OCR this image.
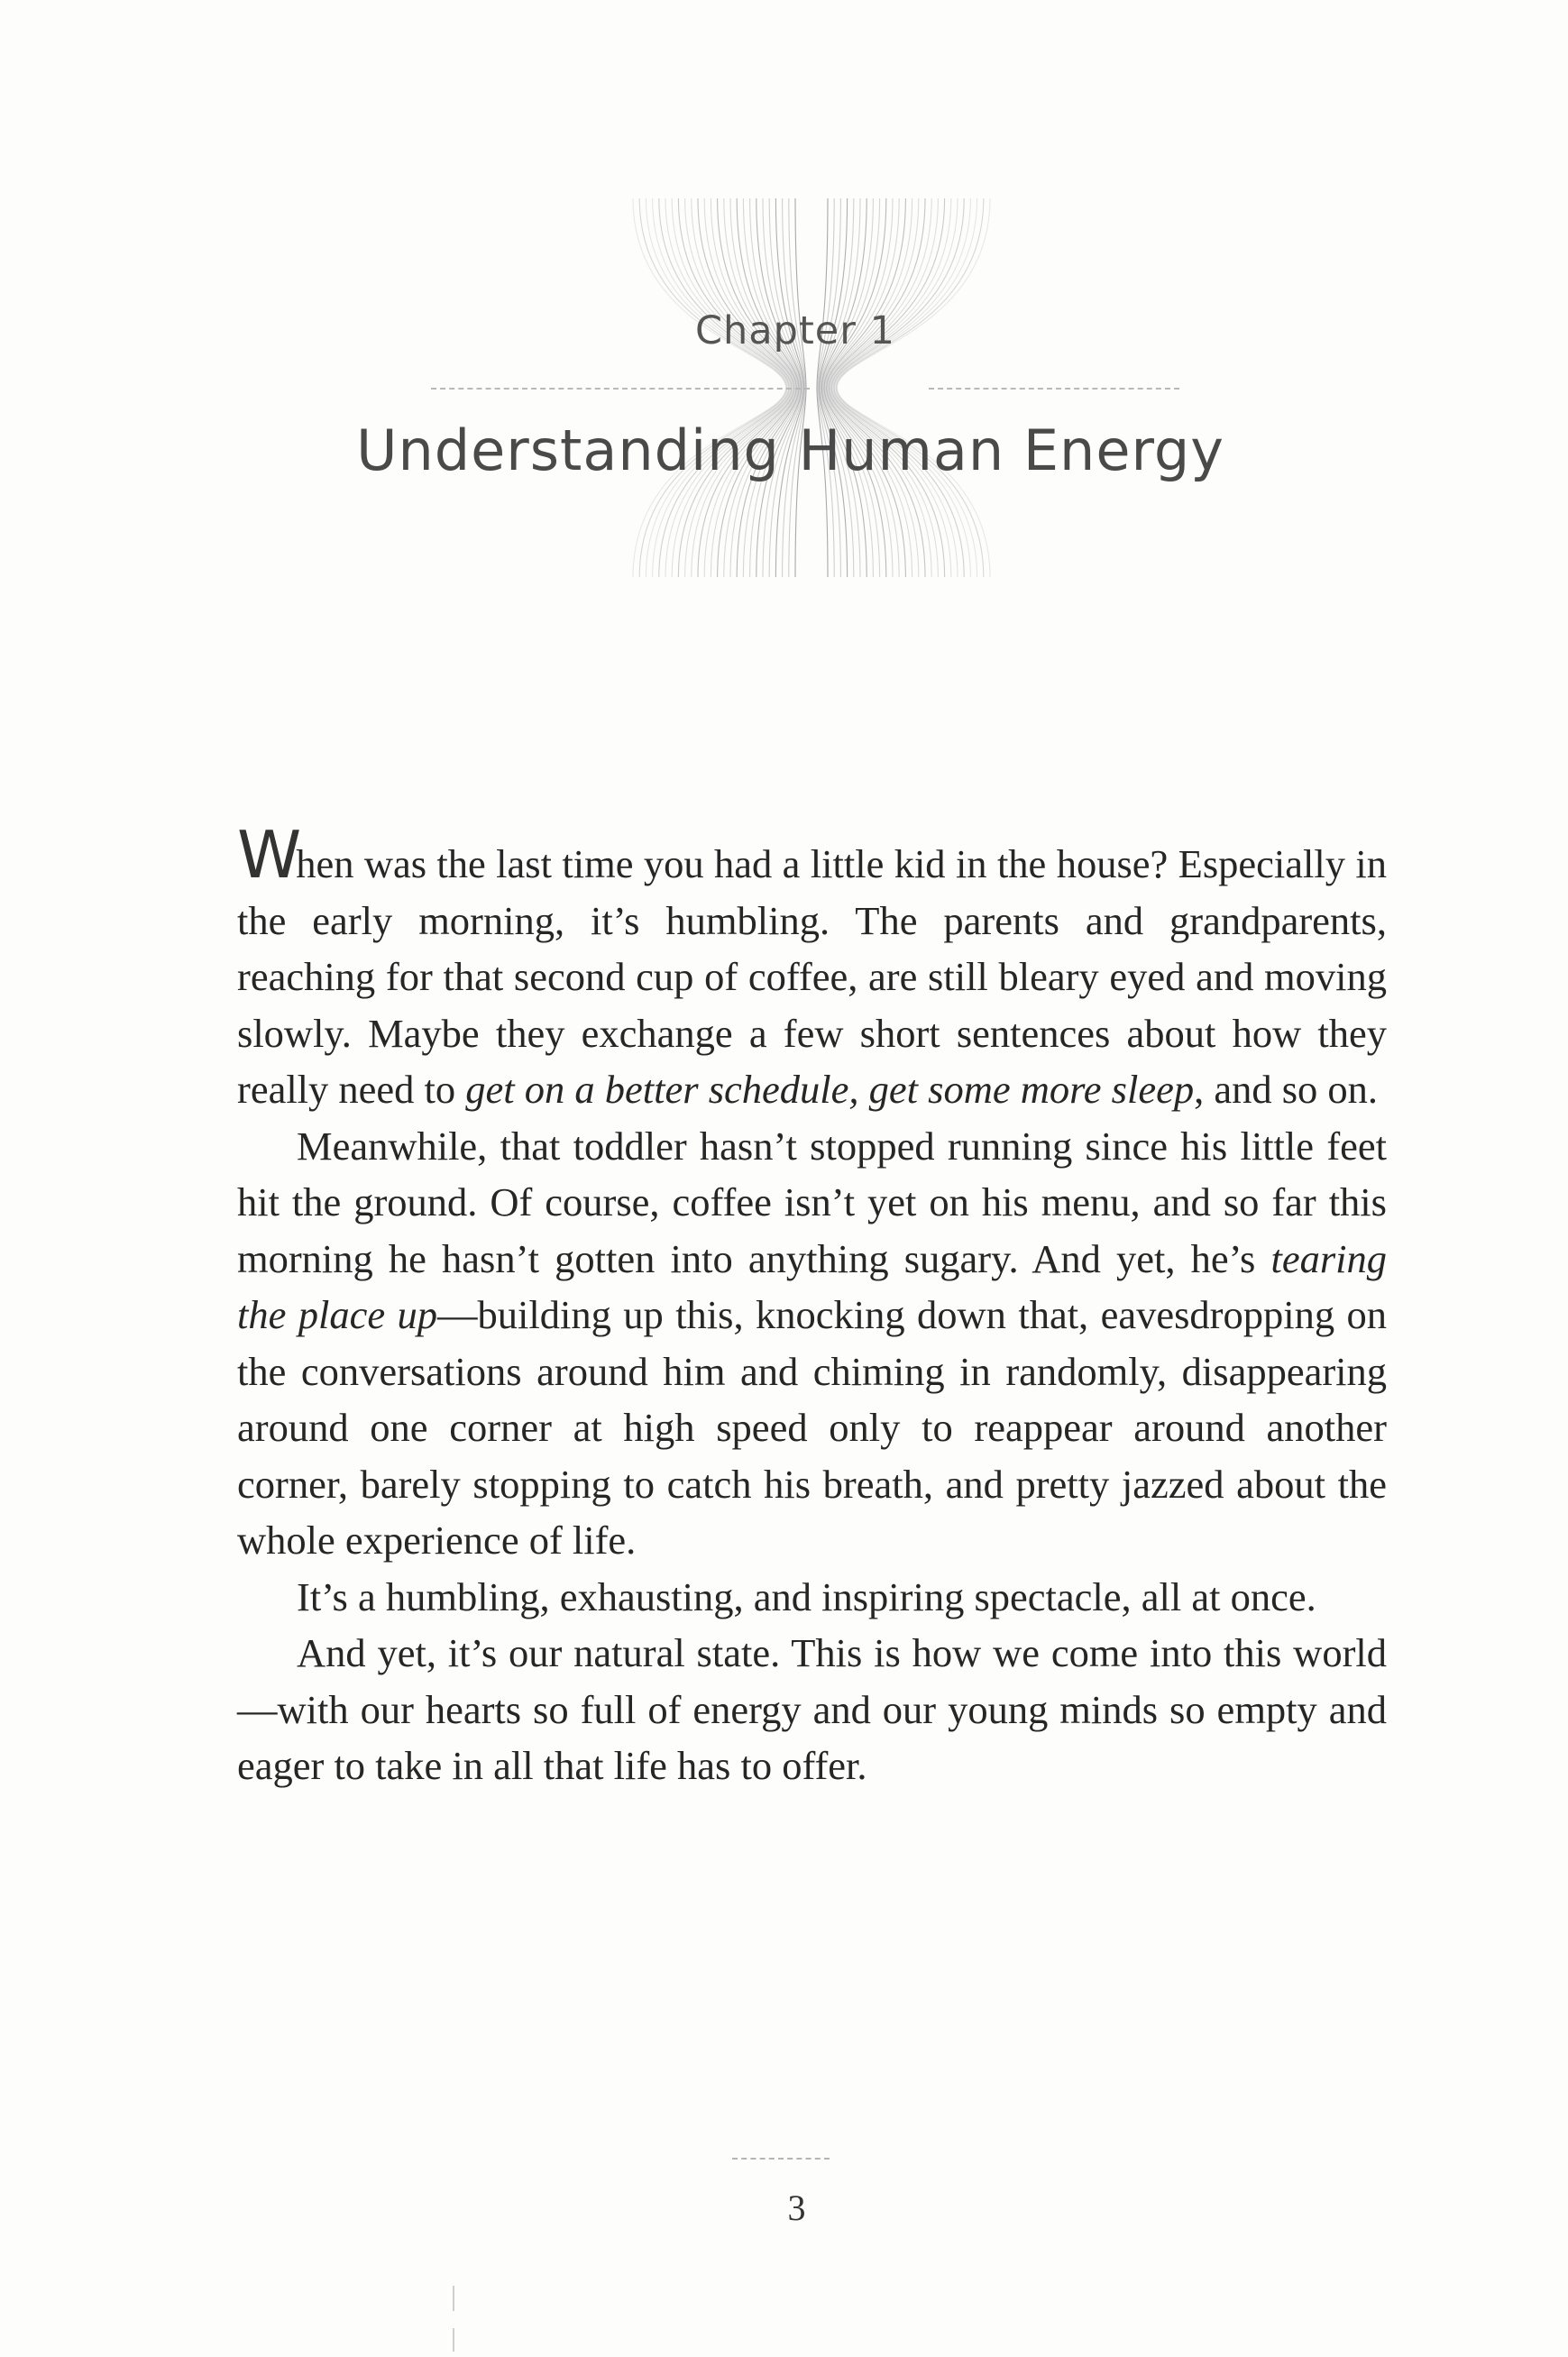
Chapter 1
Understanding Human Energy

When was the last time you had a little kid in the house? Especially in the early morning, it’s humbling. The parents and grandparents, reaching for that second cup of coffee, are still bleary eyed and moving slowly. Maybe they exchange a few short sentences about how they really need to get on a better schedule, get some more sleep, and so on.

Meanwhile, that toddler hasn’t stopped running since his little feet hit the ground. Of course, coffee isn’t yet on his menu, and so far this morning he hasn’t gotten into anything sugary. And yet, he’s tearing the place up—building up this, knocking down that, eavesdropping on the conversations around him and chiming in randomly, disappearing around one corner at high speed only to reappear around another corner, barely stopping to catch his breath, and pretty jazzed about the whole experience of life.

It’s a humbling, exhausting, and inspiring spectacle, all at once.

And yet, it’s our natural state. This is how we come into this world—with our hearts so full of energy and our young minds so empty and eager to take in all that life has to offer.

3
